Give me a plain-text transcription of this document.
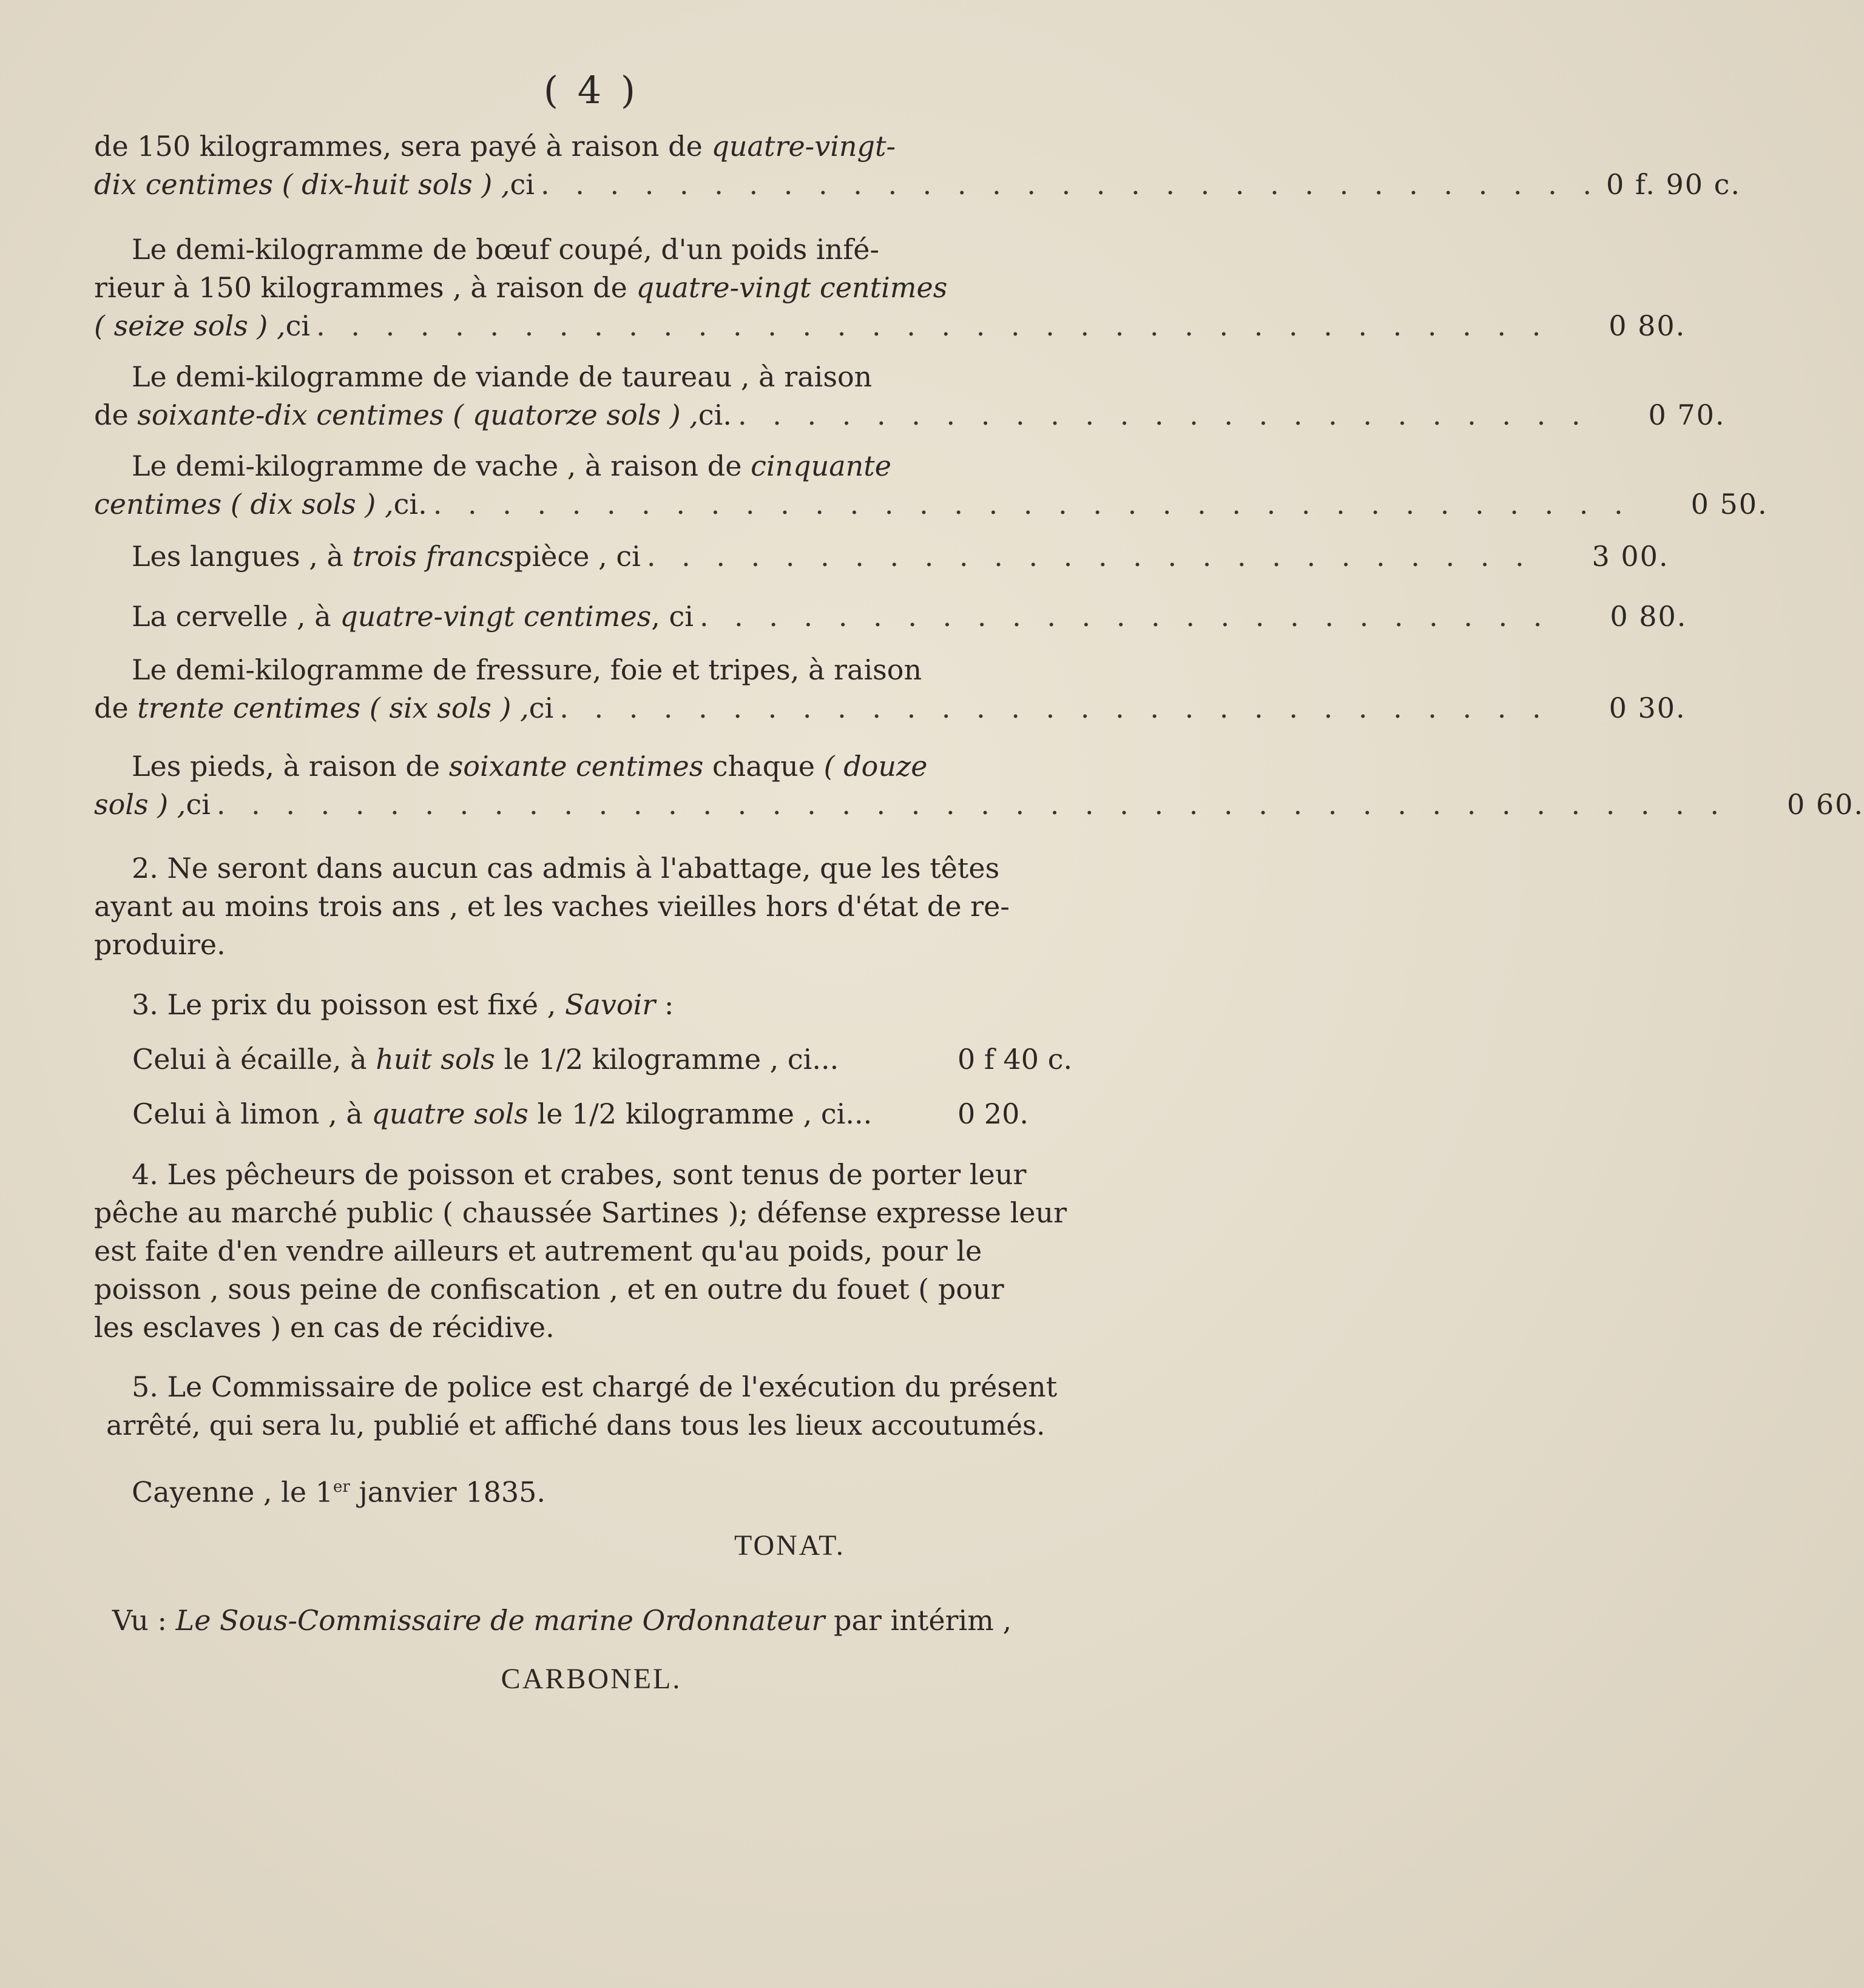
( 4 )
de 150 kilogrammes, sera payé à raison de quatre-vingt-
dix centimes ( dix-huit sols ) , ci . . . . . . . . . . . . . . . . . . . . . . . . . . . . . . . 0 f. 90 c.
Le demi-kilogramme de bœuf coupé, d'un poids infé-
rieur à 150 kilogrammes , à raison de quatre-vingt centimes
( seize sols ) , ci . . . . . . . . . . . . . . . . . . . . . . . . . . . . . . . . . . . .	0 80.
Le demi-kilogramme de viande de taureau , à raison
de
soixante-dix centimes ( quatorze sols ) , ci. . . . . . . . . . . . . . . . . . . . . . . . . .	0 70.
Le demi-kilogramme de vache , à raison de cinquante
centimes ( dix sols ) , ci. . . . . . . . . . . . . . . . . . . . . . . . . . . . . . . . . . . .	0 50.
Les langues , à
trois francs pièce , ci . . . . . . . . . . . . . . . . . . . . . . . . . .	3 00.
La cervelle , à
quatre-vingt centimes , ci . . . . . . . . . . . . . . . . . . . . . . . . .	0 80.
Le demi-kilogramme de fressure, foie et tripes, à raison
de
trente centimes ( six sols ) , ci . . . . . . . . . . . . . . . . . . . . . . . . . . . . .	0 30.
Les pieds, à raison de soixante centimes chaque ( douze
sols ) , ci . . . . . . . . . . . . . . . . . . . . . . . . . . . . . . . . . . . . . . . . . . . .	0 60.
2. Ne seront dans aucun cas admis à l'abattage, que les têtes
ayant au moins trois ans , et les vaches vieilles hors d'état de re-
produire.
3. Le prix du poisson est fixé , Savoir :
Celui à écaille, à huit sols le 1/2 kilogramme , ci...	0 f 40 c.
Celui à limon , à quatre sols le 1/2 kilogramme , ci...	0 20.
4. Les pêcheurs de poisson et crabes, sont tenus de porter leur
pêche au marché public ( chaussée Sartines ); défense expresse leur
est faite d'en vendre ailleurs et autrement qu'au poids, pour le
poisson , sous peine de confiscation , et en outre du fouet ( pour
les esclaves ) en cas de récidive.
5. Le Commissaire de police est chargé de l'exécution du présent
arrêté, qui sera lu, publié et affiché dans tous les lieux accoutumés.
Cayenne , le 1er janvier 1835.
TONAT.
Vu : Le Sous-Commissaire de marine Ordonnateur par intérim ,
CARBONEL.
